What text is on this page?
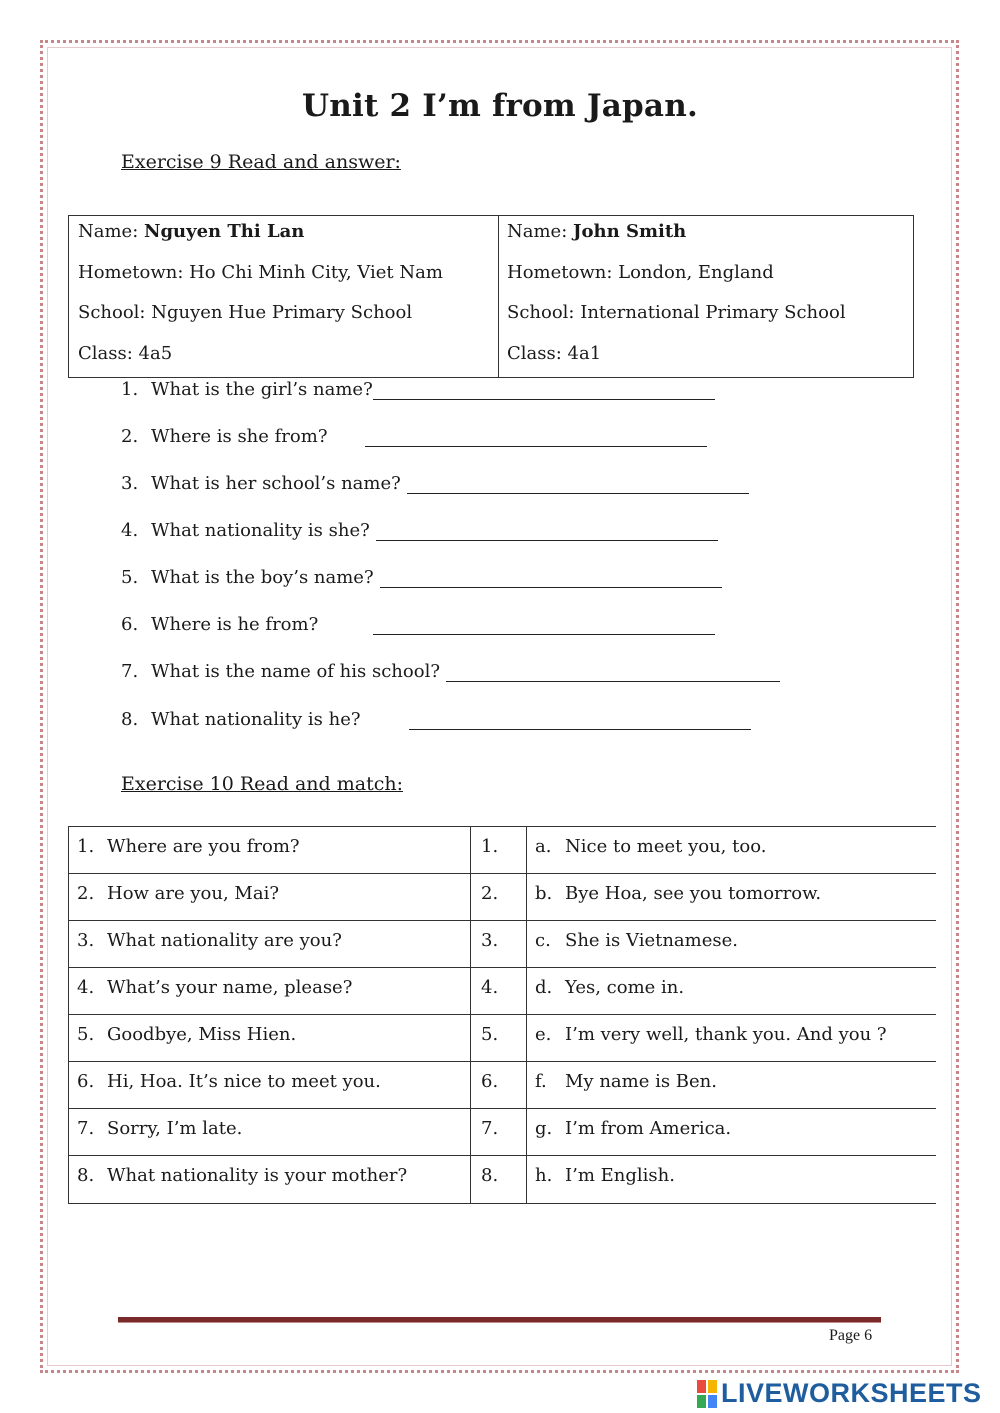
Unit 2 I’m from Japan.
Exercise 9 Read and answer:
Name: Nguyen Thi Lan
Hometown: Ho Chi Minh City, Viet Nam
School: Nguyen Hue Primary School
Class: 4a5
Name: John Smith
Hometown: London, England
School: International Primary School
Class: 4a1
1. What is the girl’s name?
2. Where is she from?
3. What is her school’s name?
4. What nationality is she?
5. What is the boy’s name?
6. Where is he from?
7. What is the name of his school?
8. What nationality is he?
Exercise 10 Read and match:
1. Where are you from?	1.	a. Nice to meet you, too.

2. How are you, Mai?	2.	b. Bye Hoa, see you tomorrow.

3. What nationality are you?	3.	c. She is Vietnamese.

4. What’s your name, please?	4.	d. Yes, come in.

5. Goodbye, Miss Hien.	5.	e. I’m very well, thank you. And you ?

6. Hi, Hoa. It’s nice to meet you.	6.	f. My name is Ben.

7. Sorry, I’m late.	7.	g. I’m from America.

8. What nationality is your mother?	8.	h. I’m English.
Page 6
LIVEWORKSHEETS
